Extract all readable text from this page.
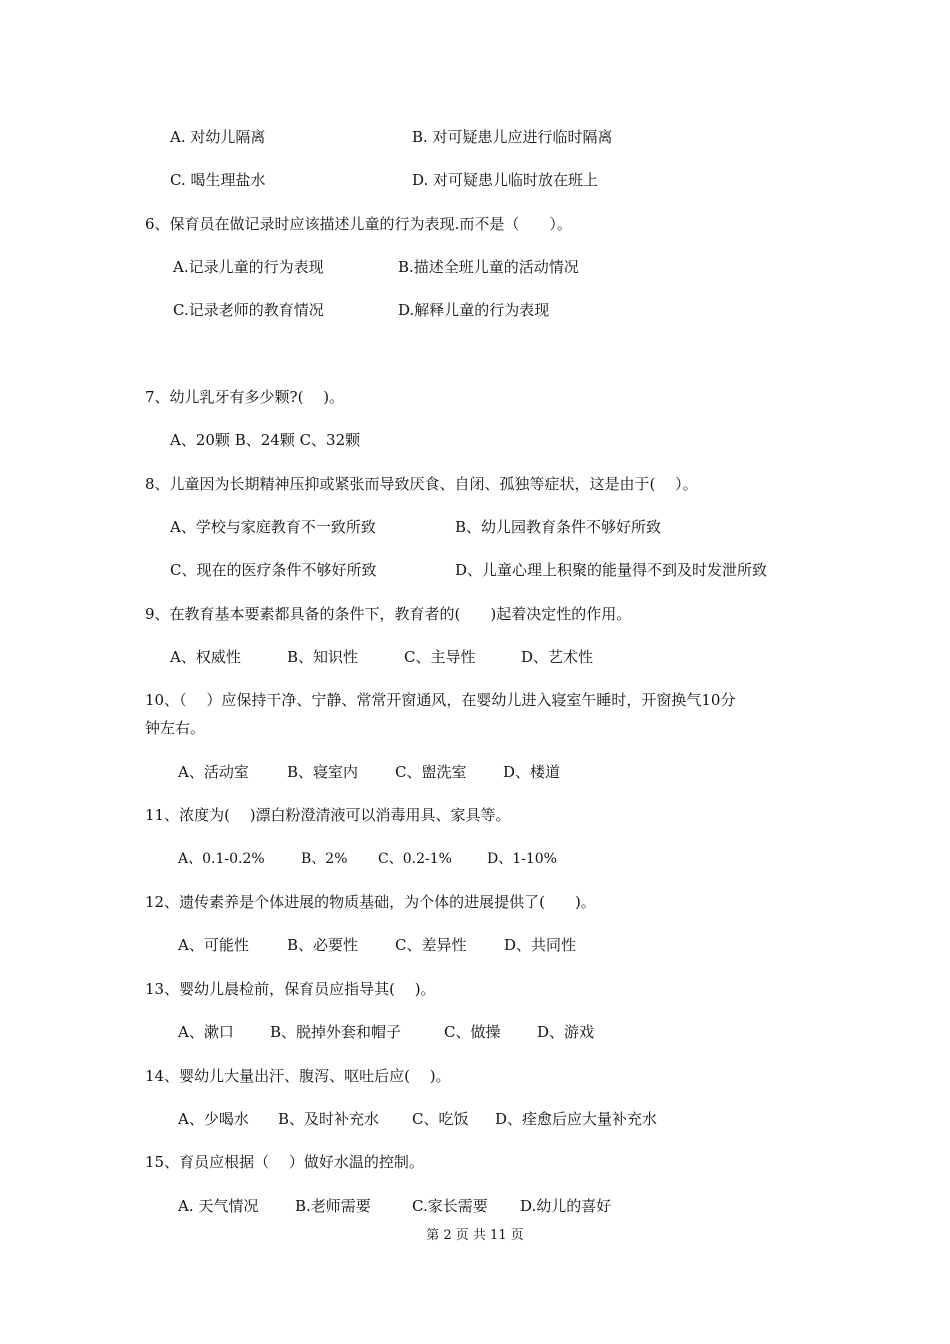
A. 对幼儿隔离	B. 对可疑患儿应进行临时隔离
C. 喝生理盐水	D. 对可疑患儿临时放在班上
6、保育员在做记录时应该描述儿童的行为表现.而不是（　　）。
A.记录儿童的行为表现	B.描述全班儿童的活动情况
C.记录老师的教育情况	D.解释儿童的行为表现
7、幼儿乳牙有多少颗?(　 )。
A、20颗 B、24颗 C、32颗
8、儿童因为长期精神压抑或紧张而导致厌食、自闭、孤独等症状，这是由于(　 ）。
A、学校与家庭教育不一致所致	B、幼儿园教育条件不够好所致
C、现在的医疗条件不够好所致	D、儿童心理上积聚的能量得不到及时发泄所致
9、在教育基本要素都具备的条件下，教育者的(　　)起着决定性的作用。
A、权威性	B、知识性	C、主导性	D、艺术性
10、（　 ）应保持干净、宁静、常常开窗通风，在婴幼儿进入寝室午睡时，开窗换气10分
钟左右。
A、活动室	B、寝室内 C、盥洗室 D、楼道
11、浓度为(　 )漂白粉澄清液可以消毒用具、家具等。
A、0.1-0.2%	B、2% C、0.2-1%	D、1-10%
12、遗传素养是个体进展的物质基础，为个体的进展提供了(　　)。
A、可能性	B、必要性 C、差异性	D、共同性
13、婴幼儿晨检前，保育员应指导其(　 )。
A、漱口 B、脱掉外套和帽子	C、做操 D、游戏
14、婴幼儿大量出汗、腹泻、呕吐后应(　 )。
A、少喝水 B、及时补充水 C、吃饭 D、痊愈后应大量补充水
15、育员应根据（　 ）做好水温的控制。
A. 天气情况 B.老师需要	C.家长需要 D.幼儿的喜好
第 2 页 共 11 页
